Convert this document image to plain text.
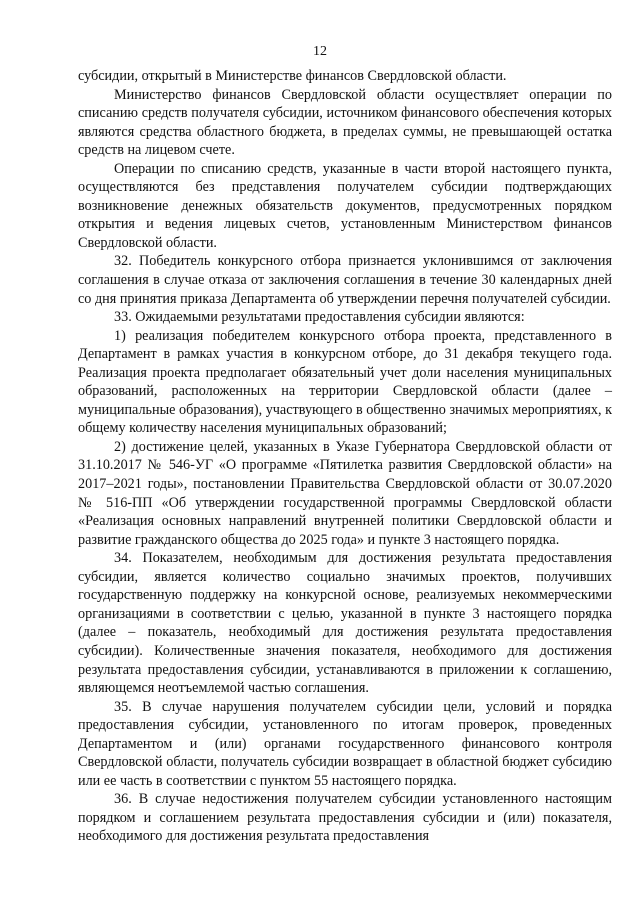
12

субсидии, открытый в Министерстве финансов Свердловской области.

Министерство финансов Свердловской области осуществляет операции по списанию средств получателя субсидии, источником финансового обеспечения которых являются средства областного бюджета, в пределах суммы, не превышающей остатка средств на лицевом счете.

Операции по списанию средств, указанные в части второй настоящего пункта, осуществляются без представления получателем субсидии подтверждающих возникновение денежных обязательств документов, предусмотренных порядком открытия и ведения лицевых счетов, установленным Министерством финансов Свердловской области.

32. Победитель конкурсного отбора признается уклонившимся от заключения соглашения в случае отказа от заключения соглашения в течение 30 календарных дней со дня принятия приказа Департамента об утверждении перечня получателей субсидии.

33. Ожидаемыми результатами предоставления субсидии являются:

1) реализация победителем конкурсного отбора проекта, представленного в Департамент в рамках участия в конкурсном отборе, до 31 декабря текущего года. Реализация проекта предполагает обязательный учет доли населения муниципальных образований, расположенных на территории Свердловской области (далее – муниципальные образования), участвующего в общественно значимых мероприятиях, к общему количеству населения муниципальных образований;

2) достижение целей, указанных в Указе Губернатора Свердловской области от 31.10.2017 № 546-УГ «О программе «Пятилетка развития Свердловской области» на 2017–2021 годы», постановлении Правительства Свердловской области от 30.07.2020 № 516-ПП «Об утверждении государственной программы Свердловской области «Реализация основных направлений внутренней политики Свердловской области и развитие гражданского общества до 2025 года» и пункте 3 настоящего порядка.

34. Показателем, необходимым для достижения результата предоставления субсидии, является количество социально значимых проектов, получивших государственную поддержку на конкурсной основе, реализуемых некоммерческими организациями в соответствии с целью, указанной в пункте 3 настоящего порядка (далее – показатель, необходимый для достижения результата предоставления субсидии). Количественные значения показателя, необходимого для достижения результата предоставления субсидии, устанавливаются в приложении к соглашению, являющемся неотъемлемой частью соглашения.

35. В случае нарушения получателем субсидии цели, условий и порядка предоставления субсидии, установленного по итогам проверок, проведенных Департаментом и (или) органами государственного финансового контроля Свердловской области, получатель субсидии возвращает в областной бюджет субсидию или ее часть в соответствии с пунктом 55 настоящего порядка.

36. В случае недостижения получателем субсидии установленного настоящим порядком и соглашением результата предоставления субсидии и (или) показателя, необходимого для достижения результата предоставления
